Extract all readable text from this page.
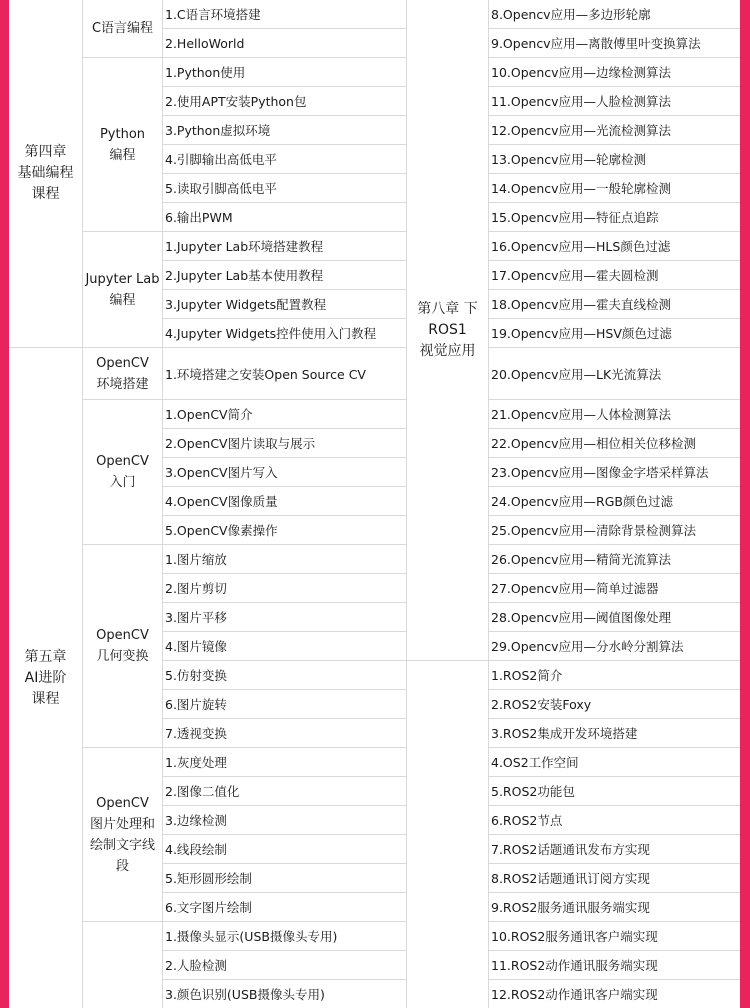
第四章
基础编程
课程
第五章
AI进阶
课程
C语言编程
Python
编程
Jupyter Lab
编程
OpenCV
环境搭建
OpenCV
入门
OpenCV
几何变换
OpenCV
图片处理和
绘制文字线
段
1.C语言环境搭建
2.HelloWorld
1.Python使用
2.使用APT安装Python包
3.Python虚拟环境
4.引脚输出高低电平
5.读取引脚高低电平
6.输出PWM
1.Jupyter Lab环境搭建教程
2.Jupyter Lab基本使用教程
3.Jupyter Widgets配置教程
4.Jupyter Widgets控件使用入门教程
1.环境搭建之安装Open Source CV
1.OpenCV简介
2.OpenCV图片读取与展示
3.OpenCV图片写入
4.OpenCV图像质量
5.OpenCV像素操作
1.图片缩放
2.图片剪切
3.图片平移
4.图片镜像
5.仿射变换
6.图片旋转
7.透视变换
1.灰度处理
2.图像二值化
3.边缘检测
4.线段绘制
5.矩形圆形绘制
6.文字图片绘制
1.摄像头显示(USB摄像头专用)
2.人脸检测
3.颜色识别(USB摄像头专用)
第八章 下
ROS1
视觉应用
8.Opencv应用—多边形轮廓
9.Opencv应用—离散傅里叶变换算法
10.Opencv应用—边缘检测算法
11.Opencv应用—人脸检测算法
12.Opencv应用—光流检测算法
13.Opencv应用—轮廓检测
14.Opencv应用—一般轮廓检测
15.Opencv应用—特征点追踪
16.Opencv应用—HLS颜色过滤
17.Opencv应用—霍夫圆检测
18.Opencv应用—霍夫直线检测
19.Opencv应用—HSV颜色过滤
20.Opencv应用—LK光流算法
21.Opencv应用—人体检测算法
22.Opencv应用—相位相关位移检测
23.Opencv应用—图像金字塔采样算法
24.Opencv应用—RGB颜色过滤
25.Opencv应用—清除背景检测算法
26.Opencv应用—精简光流算法
27.Opencv应用—简单过滤器
28.Opencv应用—阈值图像处理
29.Opencv应用—分水岭分割算法
1.ROS2简介
2.ROS2安装Foxy
3.ROS2集成开发环境搭建
4.OS2工作空间
5.ROS2功能包
6.ROS2节点
7.ROS2话题通讯发布方实现
8.ROS2话题通讯订阅方实现
9.ROS2服务通讯服务端实现
10.ROS2服务通讯客户端实现
11.ROS2动作通讯服务端实现
12.ROS2动作通讯客户端实现
